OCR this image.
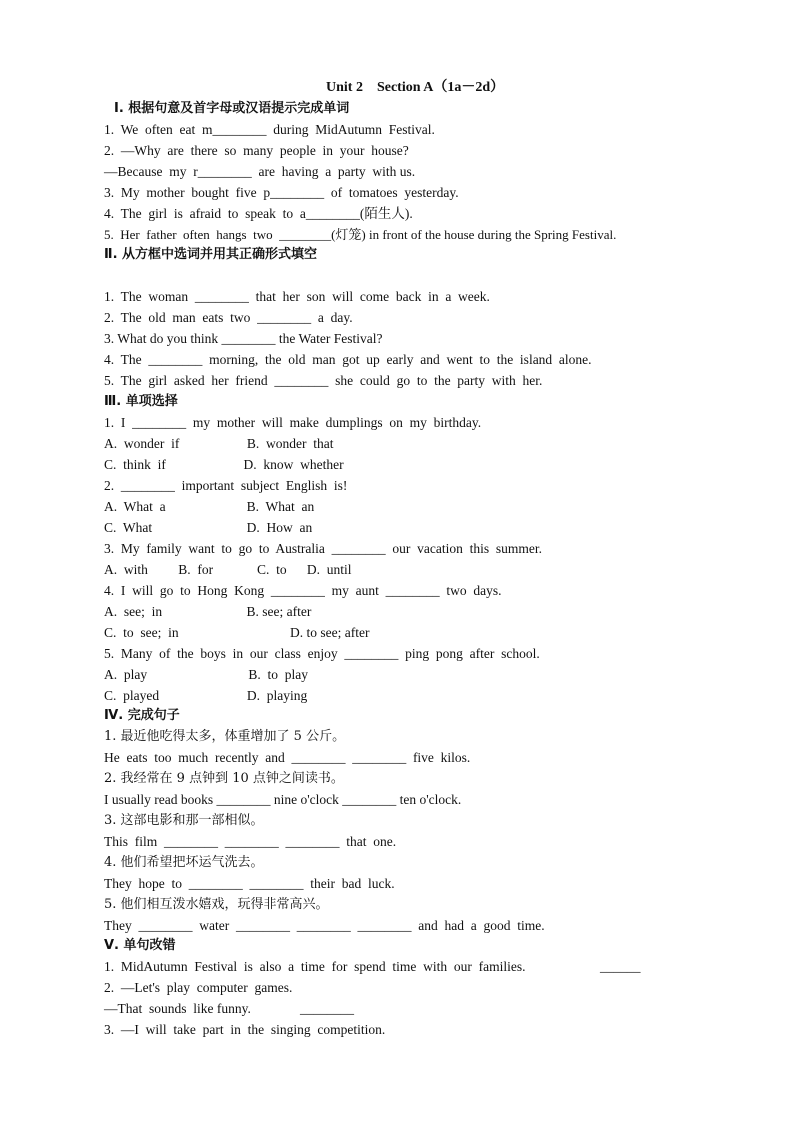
Unit 2    Section A（1a－2d）
Ⅰ. 根据句意及首字母或汉语提示完成单词
1.  We  often  eat  m________  during  MidAutumn  Festival.
2.  —Why  are  there  so  many  people  in  your  house?
—Because  my  r________  are  having  a  party  with us.
3.  My  mother  bought  five  p________  of  tomatoes  yesterday.
4.  The  girl  is  afraid  to  speak  to  a________(陌生人).
5.  Her  father  often  hangs  two  ________(灯笼) in front of the house during the Spring Festival.
Ⅱ. 从方框中选词并用其正确形式填空
1.  The  woman  ________  that  her  son  will  come  back  in  a  week.
2.  The  old  man  eats  two  ________  a  day.
3. What do you think ________ the Water Festival?
4.  The  ________  morning,  the  old  man  got  up  early  and  went  to  the  island  alone.
5.  The  girl  asked  her  friend  ________  she  could  go  to  the  party  with  her.
Ⅲ. 单项选择
1.  I  ________  my  mother  will  make  dumplings  on  my  birthday.
A.  wonder  if                    B.  wonder  that
C.  think  if                       D.  know  whether
2.  ________  important  subject  English  is!
A.  What  a                        B.  What  an
C.  What                            D.  How  an
3.  My  family  want  to  go  to  Australia  ________  our  vacation  this  summer.
A.  with         B.  for             C.  to      D.  until
4.  I  will  go  to  Hong  Kong  ________  my  aunt  ________  two  days.
A.  see;  in                         B. see; after
C.  to  see;  in                                 D. to see; after
5.  Many  of  the  boys  in  our  class  enjoy  ________  ping  pong  after  school.
A.  play                              B.  to  play
C.  played                          D.  playing
Ⅳ. 完成句子
1. 最近他吃得太多，体重增加了 5 公斤。
He  eats  too  much  recently  and  ________  ________  five  kilos.
2. 我经常在 9 点钟到 10 点钟之间读书。
I usually read books ________ nine o'clock ________ ten o'clock.
3. 这部电影和那一部相似。
This  film  ________  ________  ________  that  one.
4. 他们希望把坏运气洗去。
They  hope  to  ________  ________  their  bad  luck.
5. 他们相互泼水嬉戏，玩得非常高兴。
They  ________  water  ________  ________  ________  and  had  a  good  time.
Ⅴ. 单句改错
1.  MidAutumn  Festival  is  also  a  time  for  spend  time  with  our  families.	______
2.  —Let's  play  computer  games.
—That  sounds  like funny.	________
3.  —I  will  take  part  in  the  singing  competition.
